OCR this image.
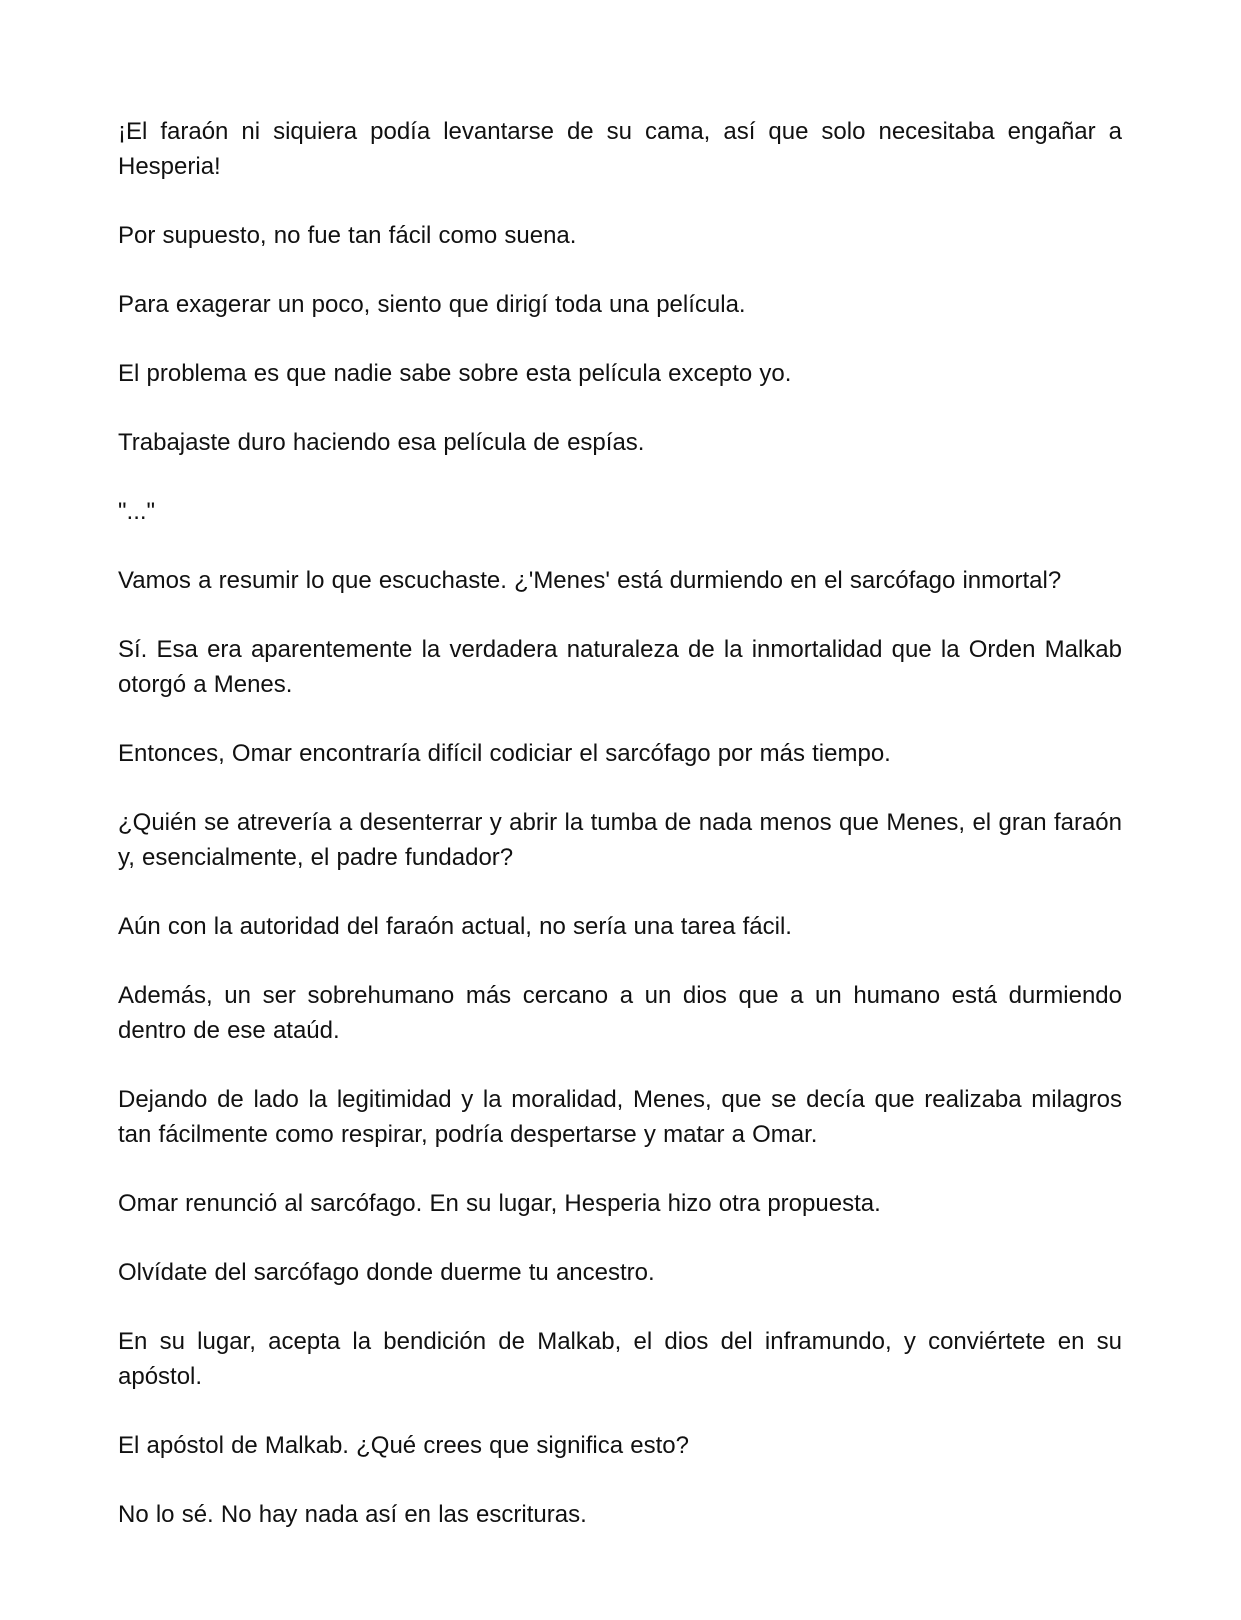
¡El faraón ni siquiera podía levantarse de su cama, así que solo necesitaba engañar a Hesperia!

Por supuesto, no fue tan fácil como suena.

Para exagerar un poco, siento que dirigí toda una película.

El problema es que nadie sabe sobre esta película excepto yo.

Trabajaste duro haciendo esa película de espías.

"..."

Vamos a resumir lo que escuchaste. ¿'Menes' está durmiendo en el sarcófago inmortal?

Sí. Esa era aparentemente la verdadera naturaleza de la inmortalidad que la Orden Malkab otorgó a Menes.

Entonces, Omar encontraría difícil codiciar el sarcófago por más tiempo.

¿Quién se atrevería a desenterrar y abrir la tumba de nada menos que Menes, el gran faraón y, esencialmente, el padre fundador?

Aún con la autoridad del faraón actual, no sería una tarea fácil.

Además, un ser sobrehumano más cercano a un dios que a un humano está durmiendo dentro de ese ataúd.

Dejando de lado la legitimidad y la moralidad, Menes, que se decía que realizaba milagros tan fácilmente como respirar, podría despertarse y matar a Omar.

Omar renunció al sarcófago. En su lugar, Hesperia hizo otra propuesta.

Olvídate del sarcófago donde duerme tu ancestro.

En su lugar, acepta la bendición de Malkab, el dios del inframundo, y conviértete en su apóstol.

El apóstol de Malkab. ¿Qué crees que significa esto?

No lo sé. No hay nada así en las escrituras.
